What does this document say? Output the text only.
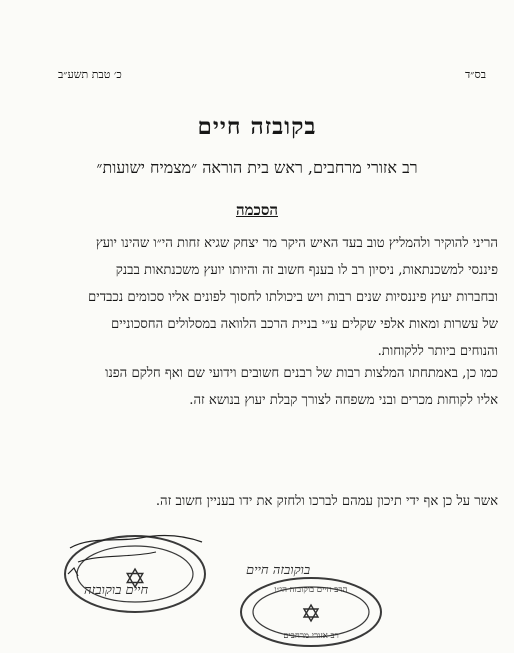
בס״ד
כ׳ טבת תשע״ב
בקובזה חיים
רב אזורי מרחבים, ראש בית הוראה ״מצמיח ישועות״
הסכמה
הריני להוקיר ולהמליץ טוב בעד האיש היקר מר יצחק שגיא זחות הי״ו שהינו יועץ
פיננסי למשכנתאות, ניסיון רב לו בענף חשוב זה והיותו יועץ משכנתאות בבנק
ובחברות יעוץ פיננסיות שנים רבות ויש ביכולתו לחסוך לפונים אליו סכומים נכבדים
של עשרות ומאות אלפי שקלים ע״י בניית הרכב הלוואה במסלולים החסכוניים
והנוחים ביותר ללקוחות.
כמו כן, באמתחתו המלצות רבות של רבנים חשובים וידועי שם ואף חלקם הפנו
אליו לקוחות מכרים ובני משפחה לצורך קבלת יעוץ בנושא זה.
אשר על כן אף ידי תיכון עמהם לברכו ולחזק את ידו בעניין חשוב זה.
חיים בוקובזה
בוקובזה חיים
הרב חיים בוקובזה הי״ו
רב אזורי מרחבים
